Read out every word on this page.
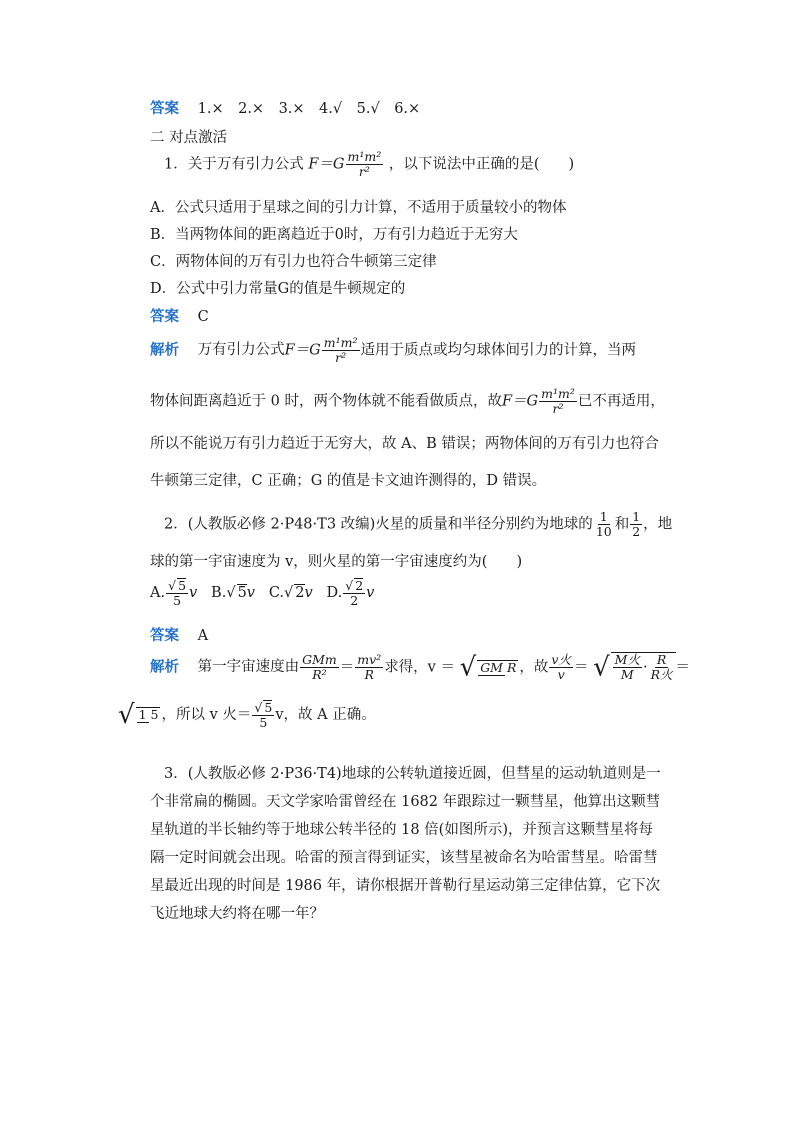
答案 1.×　2.×　3.×　4.√　5.√　6.×
二 对点激活
1．关于万有引力公式 $F=G \frac{\text{m¹m²}}{\text{r²}}$ ，以下说法中正确的是(　　)
A．公式只适用于星球之间的引力计算，不适用于质量较小的物体
B．当两物体间的距离趋近于0时，万有引力趋近于无穷大
C．两物体间的万有引力也符合牛顿第三定律
D．公式中引力常量G的值是牛顿规定的
答案 C
解析 万有引力公式$F=G \frac{\text{m¹m²}}{\text{r²}}$ 适用于质点或均匀球体间引力的计算，当两
物体间距离趋近于 0 时，两个物体就不能看做质点，故$F=G \frac{\text{m¹m²}}{\text{r²}}$ 已不再适用，
所以不能说万有引力趋近于无穷大，故 A、B 错误；两物体间的万有引力也符合
牛顿第三定律，C 正确；G 的值是卡文迪许测得的，D 错误。
2．(人教版必修 2·P48·T3 改编)火星的质量和半径分别约为地球的 $\frac{1}{10}$ 和 $\frac{1}{2}$ ，地
球的第一宇宙速度为 v，则火星的第一宇宙速度约为(　　)
A. $\frac{√ 5}{5}$ v B.√ 5v C.√ 2v D. $\frac{√ 2}{2}$ v
答案 A
解析 第一宇宙速度由 $\frac{\text{GMm}}{\text{R²}} = \frac{\text{mv²}}{R}$ 求得，v ＝ √ GM R ，故 $\frac{\text{v火}}{v}$ ＝ √ $\frac{\text{M火}}{M} \cdot \frac{R}{\text{R火}}$ ＝
√ 1 5 ，所以 v 火＝ $\frac{√ 5}{5}$ v，故 A 正确。
3．(人教版必修 2·P36·T4)地球的公转轨道接近圆，但彗星的运动轨道则是一
个非常扁的椭圆。天文学家哈雷曾经在 1682 年跟踪过一颗彗星，他算出这颗彗
星轨道的半长轴约等于地球公转半径的 18 倍(如图所示)，并预言这颗彗星将每
隔一定时间就会出现。哈雷的预言得到证实，该彗星被命名为哈雷彗星。哈雷彗
星最近出现的时间是 1986 年，请你根据开普勒行星运动第三定律估算，它下次
飞近地球大约将在哪一年？
